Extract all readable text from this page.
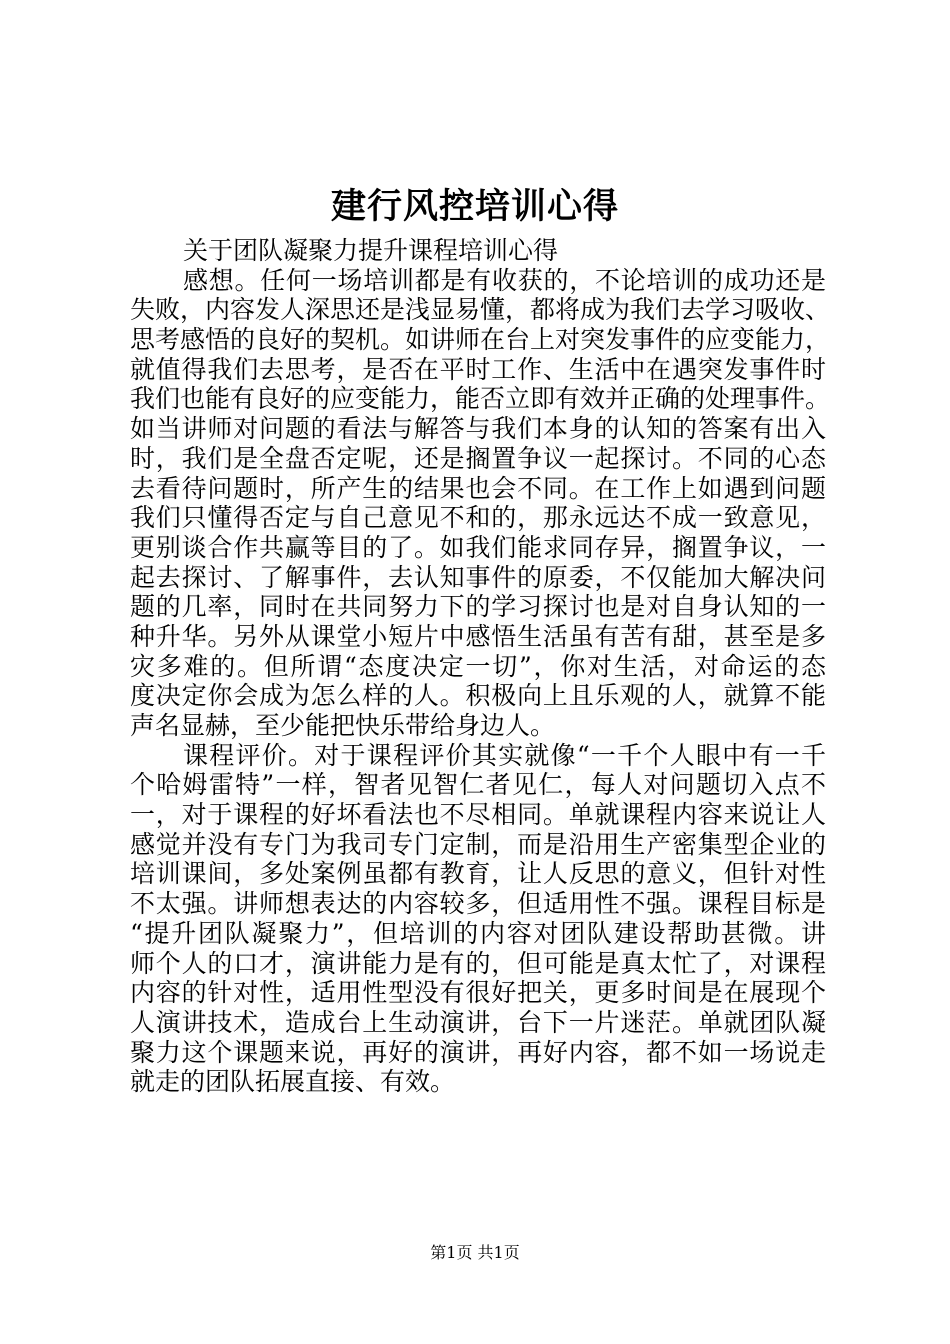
建行风控培训心得
关于团队凝聚力提升课程培训心得
感想。任何一场培训都是有收获的，不论培训的成功还是
失败，内容发人深思还是浅显易懂，都将成为我们去学习吸收、
思考感悟的良好的契机。如讲师在台上对突发事件的应变能力，
就值得我们去思考，是否在平时工作、生活中在遇突发事件时
我们也能有良好的应变能力，能否立即有效并正确的处理事件。
如当讲师对问题的看法与解答与我们本身的认知的答案有出入
时，我们是全盘否定呢，还是搁置争议一起探讨。不同的心态
去看待问题时，所产生的结果也会不同。在工作上如遇到问题
我们只懂得否定与自己意见不和的，那永远达不成一致意见，
更别谈合作共赢等目的了。如我们能求同存异，搁置争议，一
起去探讨、了解事件，去认知事件的原委，不仅能加大解决问
题的几率，同时在共同努力下的学习探讨也是对自身认知的一
种升华。另外从课堂小短片中感悟生活虽有苦有甜，甚至是多
灾多难的。但所谓“态度决定一切”，你对生活，对命运的态
度决定你会成为怎么样的人。积极向上且乐观的人，就算不能
声名显赫，至少能把快乐带给身边人。
课程评价。对于课程评价其实就像“一千个人眼中有一千
个哈姆雷特”一样，智者见智仁者见仁，每人对问题切入点不
一，对于课程的好坏看法也不尽相同。单就课程内容来说让人
感觉并没有专门为我司专门定制，而是沿用生产密集型企业的
培训课间，多处案例虽都有教育，让人反思的意义，但针对性
不太强。讲师想表达的内容较多，但适用性不强。课程目标是
“提升团队凝聚力”，但培训的内容对团队建设帮助甚微。讲
师个人的口才，演讲能力是有的，但可能是真太忙了，对课程
内容的针对性，适用性型没有很好把关，更多时间是在展现个
人演讲技术，造成台上生动演讲，台下一片迷茫。单就团队凝
聚力这个课题来说，再好的演讲，再好内容，都不如一场说走
就走的团队拓展直接、有效。
第1页 共1页
